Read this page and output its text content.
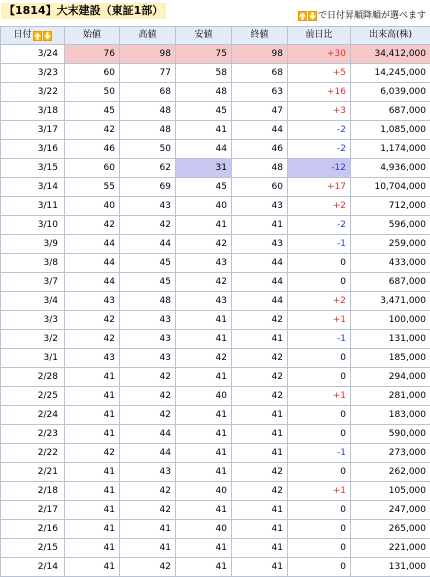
【1814】大末建設（東証1部）	で日付昇順降順が選べます
日付	始値	高値	安値	終値	前日比	出来高(株)
3/24	76	98	75	98	+30	34,412,000
3/23	60	77	58	68	+5	14,245,000
3/22	50	68	48	63	+16	6,039,000
3/18	45	48	45	47	+3	687,000
3/17	42	48	41	44	-2	1,085,000
3/16	46	50	44	46	-2	1,174,000
3/15	60	62	31	48	-12	4,936,000
3/14	55	69	45	60	+17	10,704,000
3/11	40	43	40	43	+2	712,000
3/10	42	42	41	41	-2	596,000
3/9	44	44	42	43	-1	259,000
3/8	44	45	43	44	0	433,000
3/7	44	45	42	44	0	687,000
3/4	43	48	43	44	+2	3,471,000
3/3	42	43	41	42	+1	100,000
3/2	42	43	41	41	-1	131,000
3/1	43	43	42	42	0	185,000
2/28	41	42	41	42	0	294,000
2/25	41	42	40	42	+1	281,000
2/24	41	42	41	41	0	183,000
2/23	41	44	41	41	0	590,000
2/22	42	44	41	41	-1	273,000
2/21	41	43	41	42	0	262,000
2/18	41	42	40	42	+1	105,000
2/17	41	42	41	41	0	247,000
2/16	41	41	40	41	0	265,000
2/15	41	41	41	41	0	221,000
2/14	41	42	41	41	0	131,000
